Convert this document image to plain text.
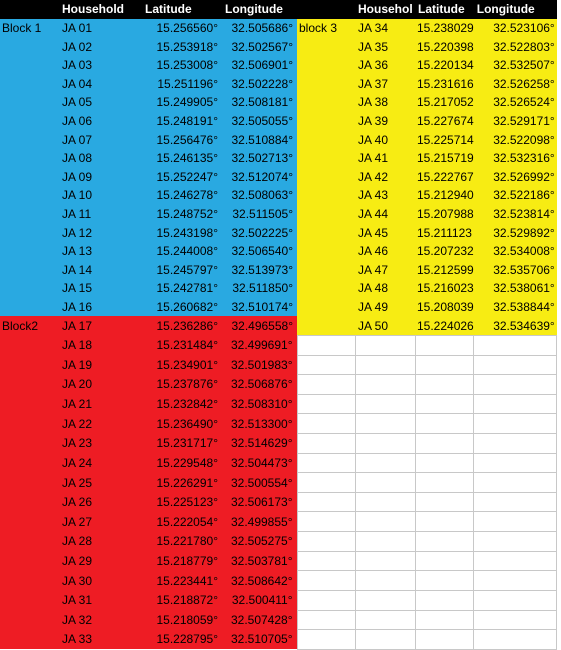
	Household	Latitude	Longitude		Househol	Latitude	Longitude
Block 1	JA 01	15.256560°	32.505686°	block 3	JA 34	15.238029	32.523106°
	JA 02	15.253918°	32.502567°		JA 35	15.220398	32.522803°
	JA 03	15.253008°	32.506901°		JA 36	15.220134	32.532507°
	JA 04	15.251196°	32.502228°		JA 37	15.231616	32.526258°
	JA 05	15.249905°	32.508181°		JA 38	15.217052	32.526524°
	JA 06	15.248191°	32.505055°		JA 39	15.227674	32.529171°
	JA 07	15.256476°	32.510884°		JA 40	15.225714	32.522098°
	JA 08	15.246135°	32.502713°		JA 41	15.215719	32.532316°
	JA 09	15.252247°	32.512074°		JA 42	15.222767	32.526992°
	JA 10	15.246278°	32.508063°		JA 43	15.212940	32.522186°
	JA 11	15.248752°	32.511505°		JA 44	15.207988	32.523814°
	JA 12	15.243198°	32.502225°		JA 45	15.211123	32.529892°
	JA 13	15.244008°	32.506540°		JA 46	15.207232	32.534008°
	JA 14	15.245797°	32.513973°		JA 47	15.212599	32.535706°
	JA 15	15.242781°	32.511850°		JA 48	15.216023	32.538061°
	JA 16	15.260682°	32.510174°		JA 49	15.208039	32.538844°
Block2	JA 17	15.236286°	32.496558°		JA 50	15.224026	32.534639°
	JA 18	15.231484°	32.499691°				
	JA 19	15.234901°	32.501983°				
	JA 20	15.237876°	32.506876°				
	JA 21	15.232842°	32.508310°				
	JA 22	15.236490°	32.513300°				
	JA 23	15.231717°	32.514629°				
	JA 24	15.229548°	32.504473°				
	JA 25	15.226291°	32.500554°				
	JA 26	15.225123°	32.506173°				
	JA 27	15.222054°	32.499855°				
	JA 28	15.221780°	32.505275°				
	JA 29	15.218779°	32.503781°				
	JA 30	15.223441°	32.508642°				
	JA 31	15.218872°	32.500411°				
	JA 32	15.218059°	32.507428°				
	JA 33	15.228795°	32.510705°				
